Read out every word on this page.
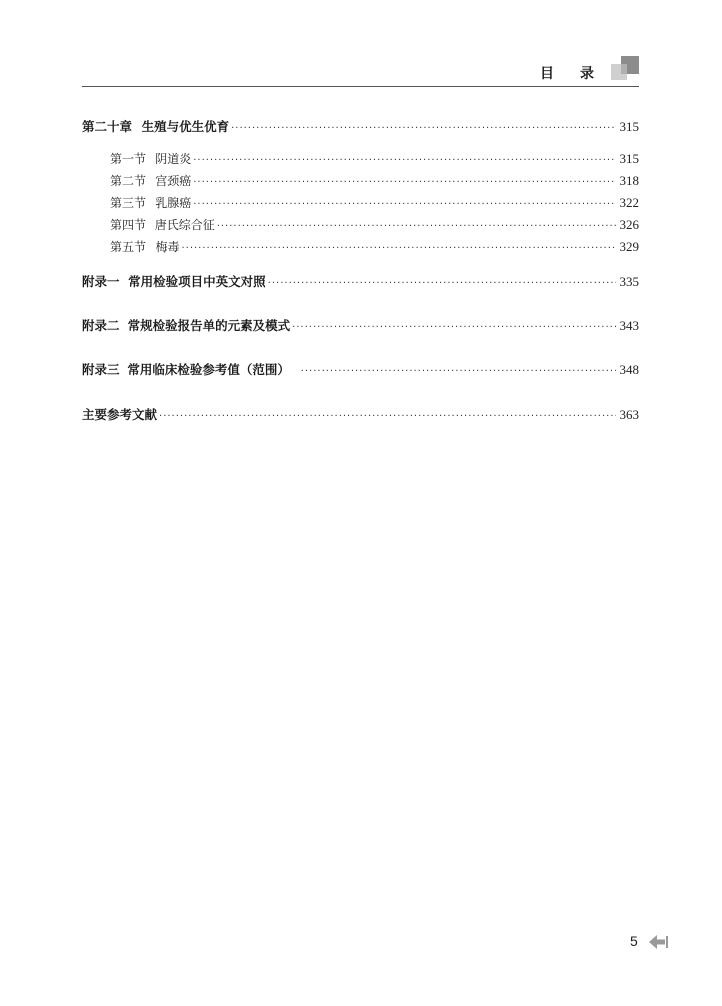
目 录
第二十章 生殖与优生优育 ·····	315
第一节 阴道炎 ·····	315
第二节 宫颈癌 ·····	318
第三节 乳腺癌 ·····	322
第四节 唐氏综合征 ·····	326
第五节 梅毒 ·····	329
附录一 常用检验项目中英文对照 ·····	335
附录二 常规检验报告单的元素及模式 ·····	343
附录三 常用临床检验参考值（范围） ·····	348
主要参考文献 ·····	363
5
